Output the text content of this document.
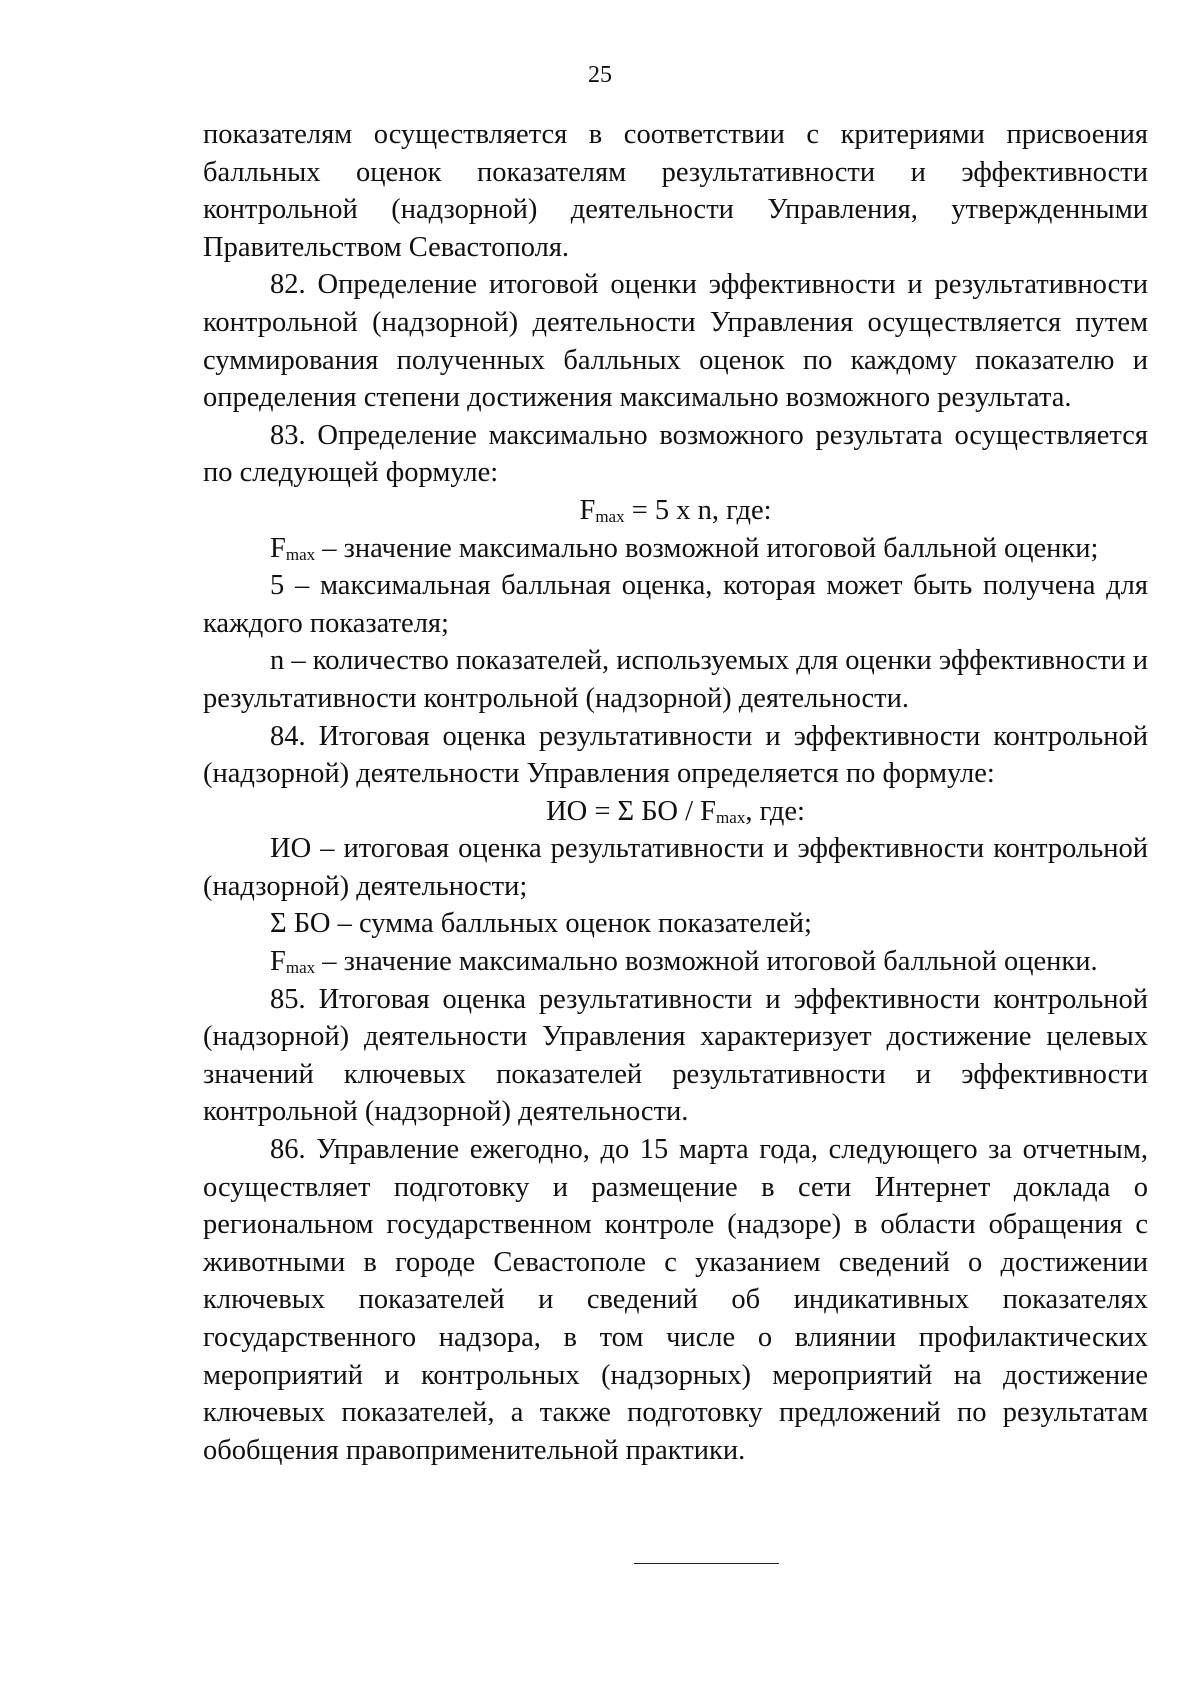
25

показателям осуществляется в соответствии с критериями присвоения балльных оценок показателям результативности и эффективности контрольной (надзорной) деятельности Управления, утвержденными Правительством Севастополя.

82. Определение итоговой оценки эффективности и результативности контрольной (надзорной) деятельности Управления осуществляется путем суммирования полученных балльных оценок по каждому показателю и определения степени достижения максимально возможного результата.

83. Определение максимально возможного результата осуществляется по следующей формуле:

$F_{max} = 5$ x n, где:

$F_{max}$ – значение максимально возможной итоговой балльной оценки;

5 – максимальная балльная оценка, которая может быть получена для каждого показателя;

n – количество показателей, используемых для оценки эффективности и результативности контрольной (надзорной) деятельности.

84. Итоговая оценка результативности и эффективности контрольной (надзорной) деятельности Управления определяется по формуле:

ИО = Σ БО / $F_{max}$, где:

ИО – итоговая оценка результативности и эффективности контрольной (надзорной) деятельности;

Σ БО – сумма балльных оценок показателей;

$F_{max}$ – значение максимально возможной итоговой балльной оценки.

85. Итоговая оценка результативности и эффективности контрольной (надзорной) деятельности Управления характеризует достижение целевых значений ключевых показателей результативности и эффективности контрольной (надзорной) деятельности.

86. Управление ежегодно, до 15 марта года, следующего за отчетным, осуществляет подготовку и размещение в сети Интернет доклада о региональном государственном контроле (надзоре) в области обращения с животными в городе Севастополе с указанием сведений о достижении ключевых показателей и сведений об индикативных показателях государственного надзора, в том числе о влиянии профилактических мероприятий и контрольных (надзорных) мероприятий на достижение ключевых показателей, а также подготовку предложений по результатам обобщения правоприменительной практики.
